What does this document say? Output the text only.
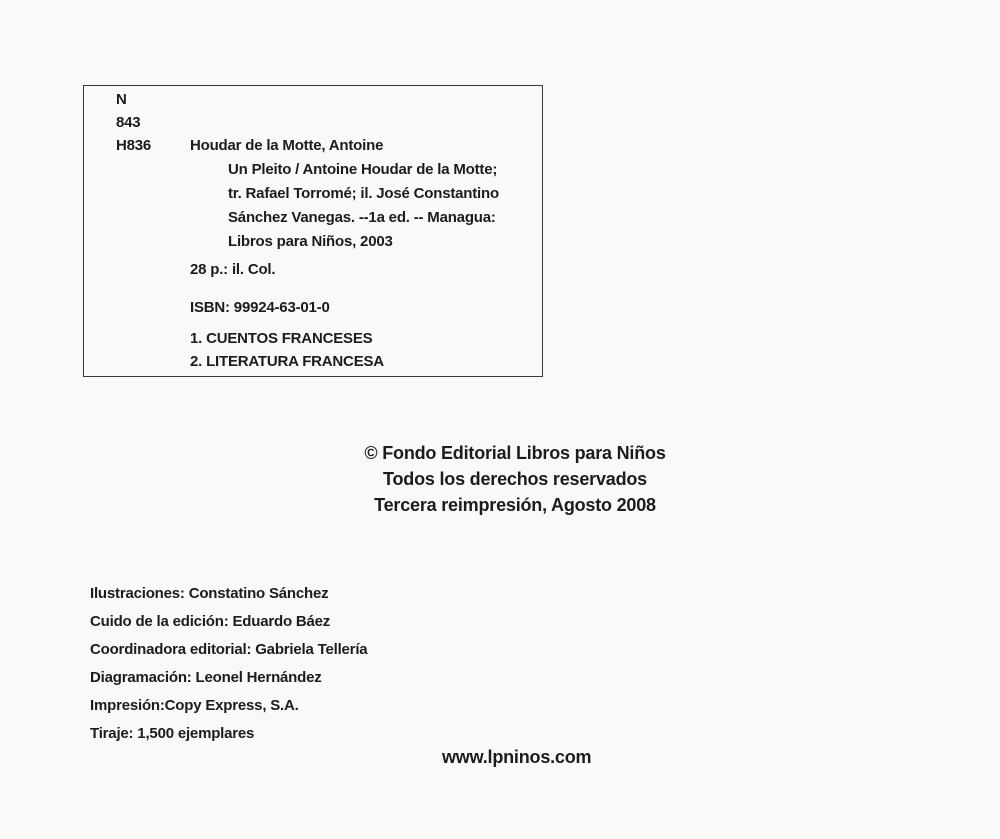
N
843
H836	Houdar de la Motte, Antoine
Un Pleito / Antoine Houdar de la Motte;
tr. Rafael Torromé; il. José Constantino
Sánchez Vanegas. --1a ed. -- Managua:
Libros para Niños, 2003
28 p.: il. Col.
ISBN: 99924-63-01-0
1. CUENTOS FRANCESES
2. LITERATURA FRANCESA
© Fondo Editorial Libros para Niños
Todos los derechos reservados
Tercera reimpresión, Agosto 2008
Ilustraciones: Constatino Sánchez
Cuido de la edición: Eduardo Báez
Coordinadora editorial: Gabriela Tellería
Diagramación: Leonel Hernández
Impresión:Copy Express, S.A.
Tiraje: 1,500 ejemplares
www.lpninos.com
